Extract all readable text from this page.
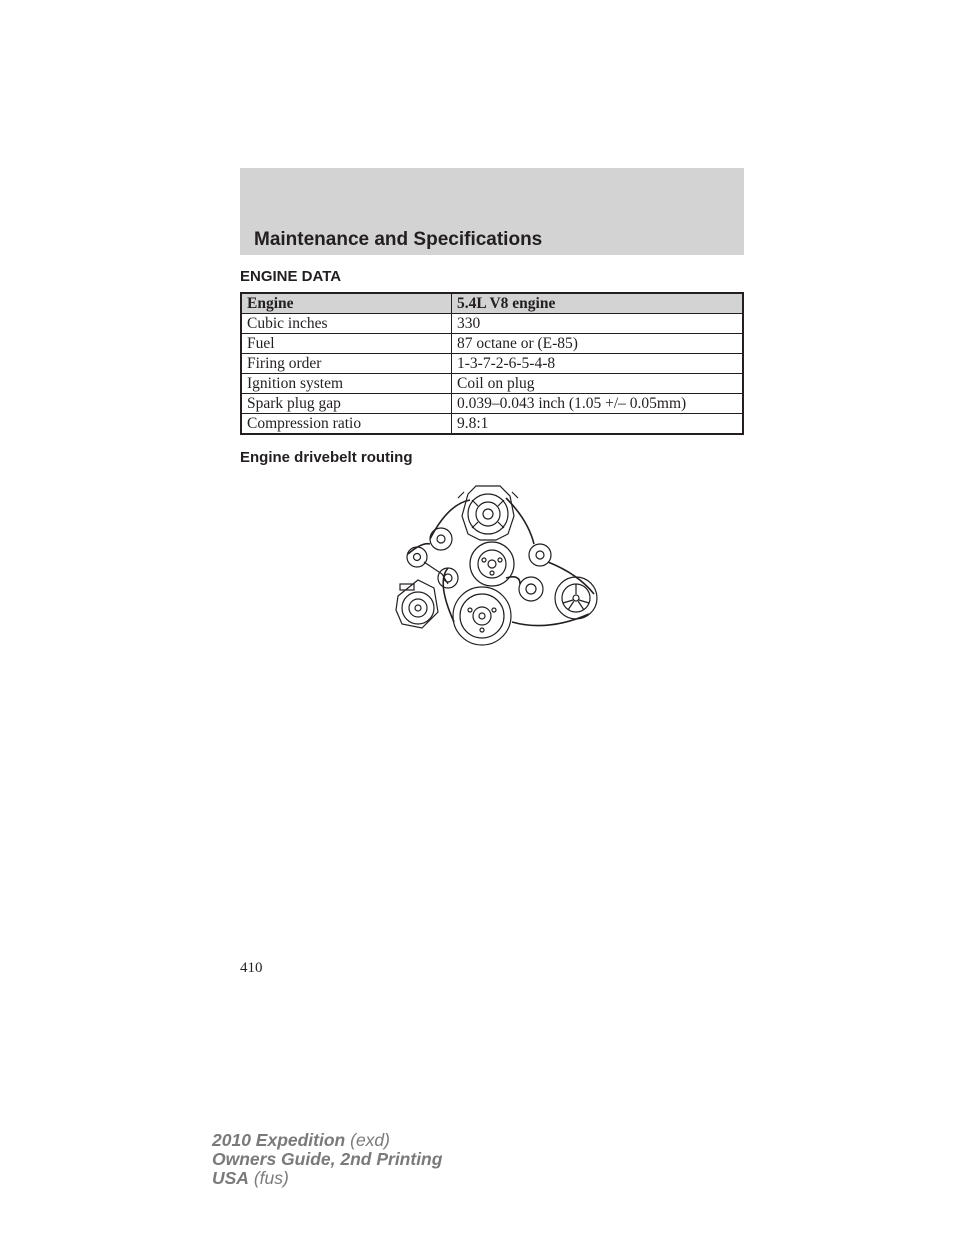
Maintenance and Specifications
ENGINE DATA
Engine	5.4L V8 engine
Cubic inches	330
Fuel	87 octane or (E-85)
Firing order	1-3-7-2-6-5-4-8
Ignition system	Coil on plug
Spark plug gap	0.039–0.043 inch (1.05 +/– 0.05mm)
Compression ratio	9.8:1
Engine drivebelt routing
410
2010 Expedition (exd)
Owners Guide, 2nd Printing
USA (fus)
